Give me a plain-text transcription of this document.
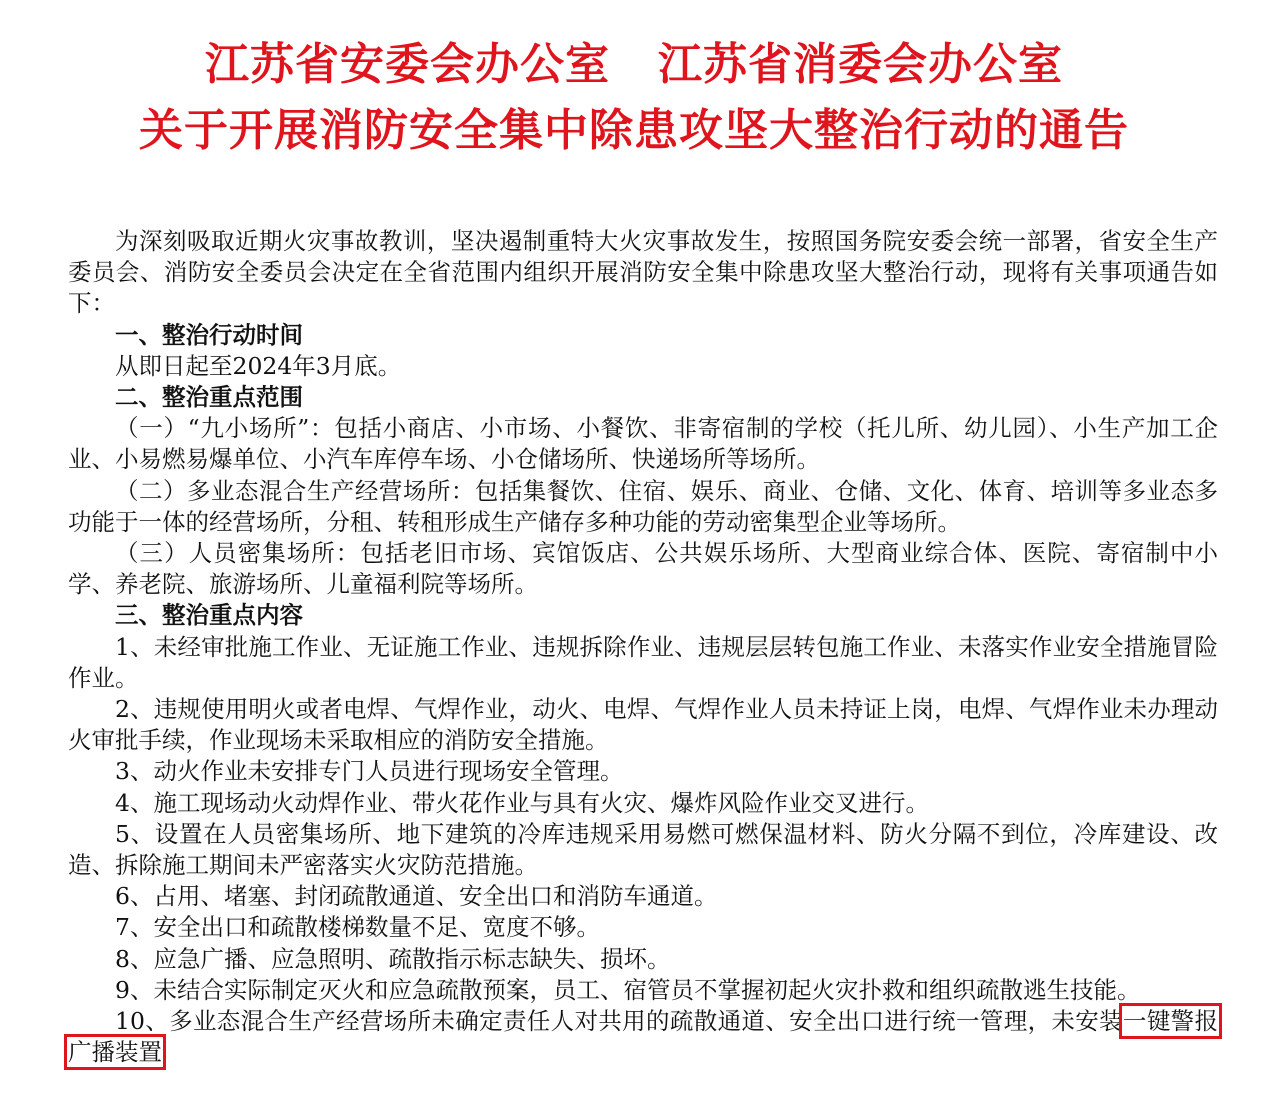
江苏省安委会办公室 江苏省消委会办公室
关于开展消防安全集中除患攻坚大整治行动的通告

为深刻吸取近期火灾事故教训，坚决遏制重特大火灾事故发生，按照国务院安委会统一部署，省安全生产委员会、消防安全委员会决定在全省范围内组织开展消防安全集中除患攻坚大整治行动，现将有关事项通告如下：

一、整治行动时间

从即日起至2024年3月底。

二、整治重点范围

（一）“九小场所”：包括小商店、小市场、小餐饮、非寄宿制的学校（托儿所、幼儿园）、小生产加工企业、小易燃易爆单位、小汽车库停车场、小仓储场所、快递场所等场所。

（二）多业态混合生产经营场所：包括集餐饮、住宿、娱乐、商业、仓储、文化、体育、培训等多业态多功能于一体的经营场所，分租、转租形成生产储存多种功能的劳动密集型企业等场所。

（三）人员密集场所：包括老旧市场、宾馆饭店、公共娱乐场所、大型商业综合体、医院、寄宿制中小学、养老院、旅游场所、儿童福利院等场所。

三、整治重点内容

1、未经审批施工作业、无证施工作业、违规拆除作业、违规层层转包施工作业、未落实作业安全措施冒险作业。

2、违规使用明火或者电焊、气焊作业，动火、电焊、气焊作业人员未持证上岗，电焊、气焊作业未办理动火审批手续，作业现场未采取相应的消防安全措施。

3、动火作业未安排专门人员进行现场安全管理。

4、施工现场动火动焊作业、带火花作业与具有火灾、爆炸风险作业交叉进行。

5、设置在人员密集场所、地下建筑的冷库违规采用易燃可燃保温材料、防火分隔不到位，冷库建设、改造、拆除施工期间未严密落实火灾防范措施。

6、占用、堵塞、封闭疏散通道、安全出口和消防车通道。

7、安全出口和疏散楼梯数量不足、宽度不够。

8、应急广播、应急照明、疏散指示标志缺失、损坏。

9、未结合实际制定灭火和应急疏散预案，员工、宿管员不掌握初起火灾扑救和组织疏散逃生技能。

10、多业态混合生产经营场所未确定责任人对共用的疏散通道、安全出口进行统一管理，未安装一键警报广播装置
